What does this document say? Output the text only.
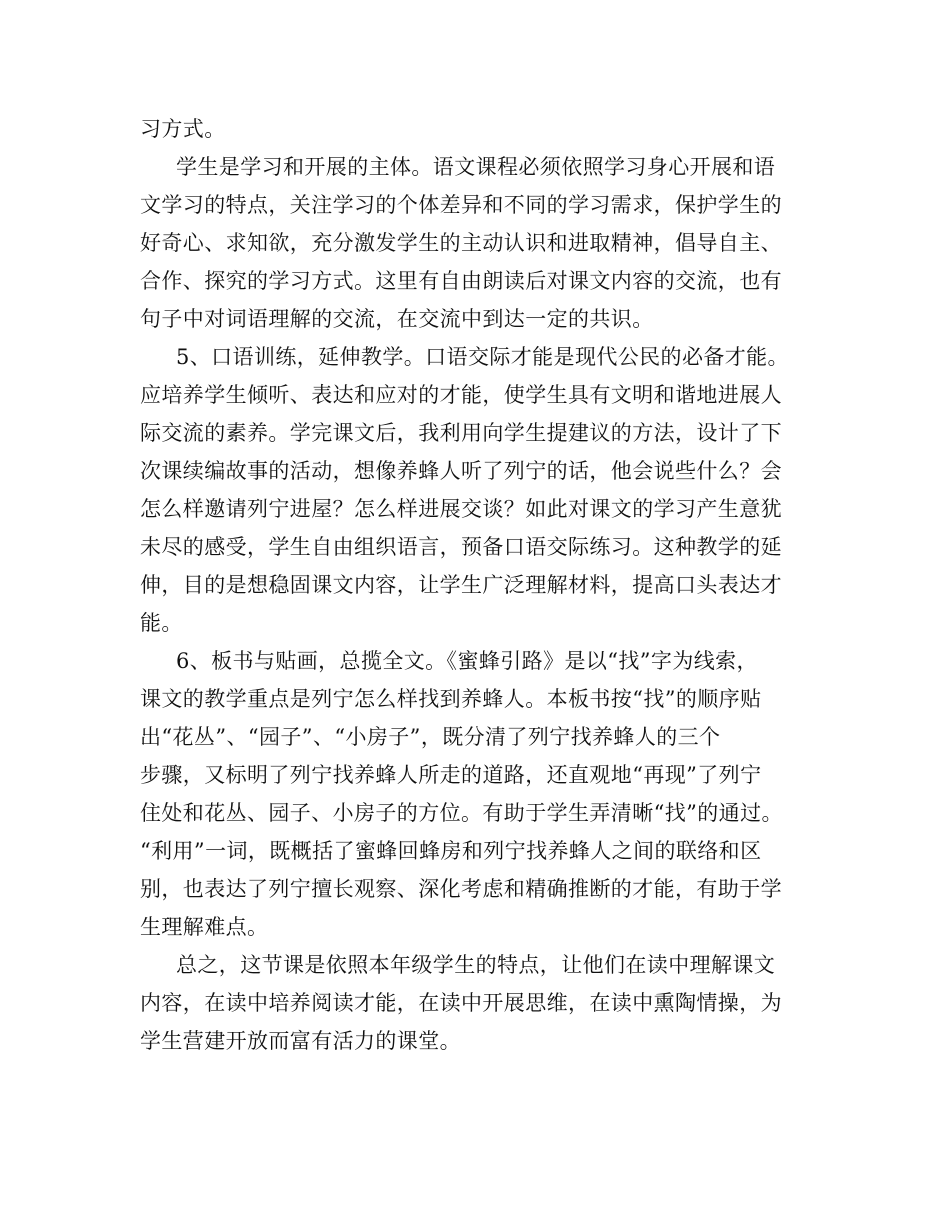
习方式。
学生是学习和开展的主体。语文课程必须依照学习身心开展和语
文学习的特点，关注学习的个体差异和不同的学习需求，保护学生的
好奇心、求知欲，充分激发学生的主动认识和进取精神，倡导自主、
合作、探究的学习方式。这里有自由朗读后对课文内容的交流，也有
句子中对词语理解的交流，在交流中到达一定的共识。
5、口语训练，延伸教学。口语交际才能是现代公民的必备才能。
应培养学生倾听、表达和应对的才能，使学生具有文明和谐地进展人
际交流的素养。学完课文后，我利用向学生提建议的方法，设计了下
次课续编故事的活动，想像养蜂人听了列宁的话，他会说些什么？会
怎么样邀请列宁进屋？怎么样进展交谈？如此对课文的学习产生意犹
未尽的感受，学生自由组织语言，预备口语交际练习。这种教学的延
伸，目的是想稳固课文内容，让学生广泛理解材料，提高口头表达才
能。
6、板书与贴画，总揽全文。《蜜蜂引路》是以“找”字为线索，
课文的教学重点是列宁怎么样找到养蜂人。本板书按“找”的顺序贴
出“花丛”、“园子”、“小房子”，既分清了列宁找养蜂人的三个
步骤，又标明了列宁找养蜂人所走的道路，还直观地“再现”了列宁
住处和花丛、园子、小房子的方位。有助于学生弄清晰“找”的通过。
“利用”一词，既概括了蜜蜂回蜂房和列宁找养蜂人之间的联络和区
别，也表达了列宁擅长观察、深化考虑和精确推断的才能，有助于学
生理解难点。
总之，这节课是依照本年级学生的特点，让他们在读中理解课文
内容，在读中培养阅读才能，在读中开展思维，在读中熏陶情操，为
学生营建开放而富有活力的课堂。
